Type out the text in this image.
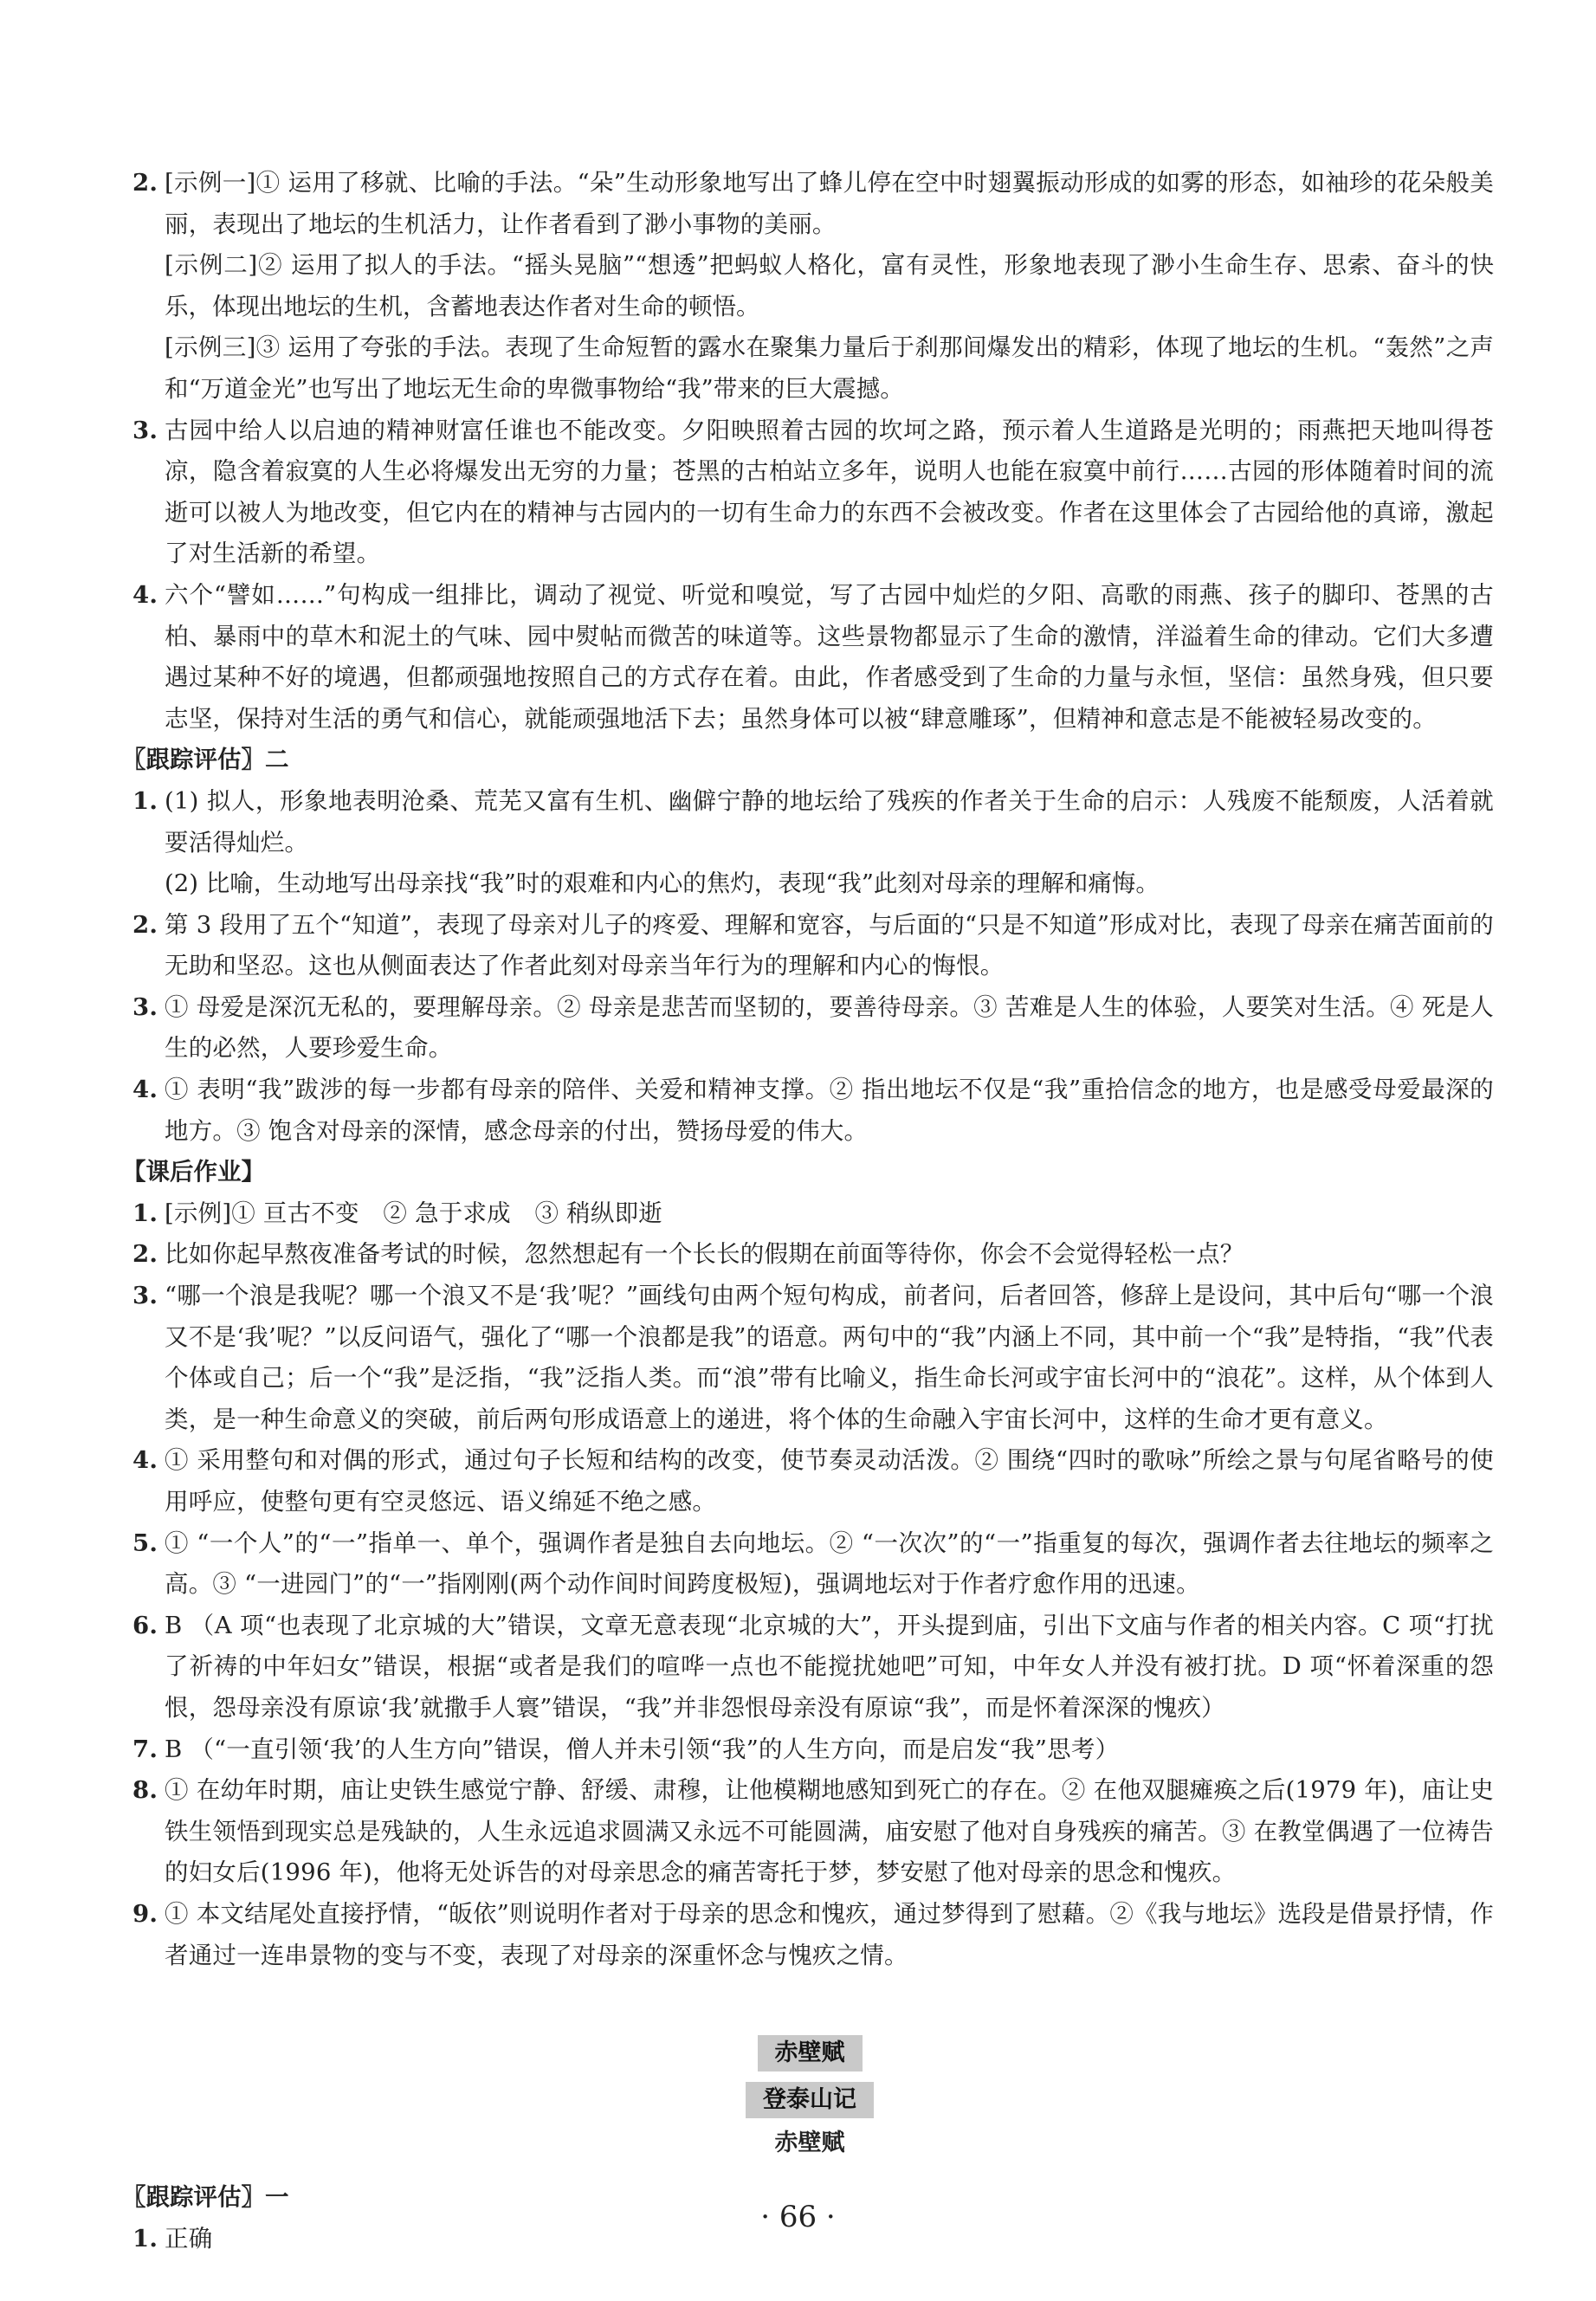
2. [示例一]① 运用了移就、比喻的手法。“朵”生动形象地写出了蜂儿停在空中时翅翼振动形成的如雾的形态，如袖珍的花朵般美丽，表现出了地坛的生机活力，让作者看到了渺小事物的美丽。
[示例二]② 运用了拟人的手法。“摇头晃脑”“想透”把蚂蚁人格化，富有灵性，形象地表现了渺小生命生存、思索、奋斗的快乐，体现出地坛的生机，含蓄地表达作者对生命的顿悟。
[示例三]③ 运用了夸张的手法。表现了生命短暂的露水在聚集力量后于刹那间爆发出的精彩，体现了地坛的生机。“轰然”之声和“万道金光”也写出了地坛无生命的卑微事物给“我”带来的巨大震撼。
3. 古园中给人以启迪的精神财富任谁也不能改变。夕阳映照着古园的坎坷之路，预示着人生道路是光明的；雨燕把天地叫得苍凉，隐含着寂寞的人生必将爆发出无穷的力量；苍黑的古柏站立多年，说明人也能在寂寞中前行……古园的形体随着时间的流逝可以被人为地改变，但它内在的精神与古园内的一切有生命力的东西不会被改变。作者在这里体会了古园给他的真谛，激起了对生活新的希望。
4. 六个“譬如……”句构成一组排比，调动了视觉、听觉和嗅觉，写了古园中灿烂的夕阳、高歌的雨燕、孩子的脚印、苍黑的古柏、暴雨中的草木和泥土的气味、园中熨帖而微苦的味道等。这些景物都显示了生命的激情，洋溢着生命的律动。它们大多遭遇过某种不好的境遇，但都顽强地按照自己的方式存在着。由此，作者感受到了生命的力量与永恒，坚信：虽然身残，但只要志坚，保持对生活的勇气和信心，就能顽强地活下去；虽然身体可以被“肆意雕琢”，但精神和意志是不能被轻易改变的。
〖跟踪评估〗二
1. (1) 拟人，形象地表明沧桑、荒芜又富有生机、幽僻宁静的地坛给了残疾的作者关于生命的启示：人残废不能颓废，人活着就要活得灿烂。
(2) 比喻，生动地写出母亲找“我”时的艰难和内心的焦灼，表现“我”此刻对母亲的理解和痛悔。
2. 第 3 段用了五个“知道”，表现了母亲对儿子的疼爱、理解和宽容，与后面的“只是不知道”形成对比，表现了母亲在痛苦面前的无助和坚忍。这也从侧面表达了作者此刻对母亲当年行为的理解和内心的悔恨。
3. ① 母爱是深沉无私的，要理解母亲。② 母亲是悲苦而坚韧的，要善待母亲。③ 苦难是人生的体验，人要笑对生活。④ 死是人生的必然，人要珍爱生命。
4. ① 表明“我”跋涉的每一步都有母亲的陪伴、关爱和精神支撑。② 指出地坛不仅是“我”重拾信念的地方，也是感受母爱最深的地方。③ 饱含对母亲的深情，感念母亲的付出，赞扬母爱的伟大。
【课后作业】
1. [示例]① 亘古不变　② 急于求成　③ 稍纵即逝
2. 比如你起早熬夜准备考试的时候，忽然想起有一个长长的假期在前面等待你，你会不会觉得轻松一点？
3. “哪一个浪是我呢？哪一个浪又不是‘我’呢？”画线句由两个短句构成，前者问，后者回答，修辞上是设问，其中后句“哪一个浪又不是‘我’呢？”以反问语气，强化了“哪一个浪都是我”的语意。两句中的“我”内涵上不同，其中前一个“我”是特指，“我”代表个体或自己；后一个“我”是泛指，“我”泛指人类。而“浪”带有比喻义，指生命长河或宇宙长河中的“浪花”。这样，从个体到人类，是一种生命意义的突破，前后两句形成语意上的递进，将个体的生命融入宇宙长河中，这样的生命才更有意义。
4. ① 采用整句和对偶的形式，通过句子长短和结构的改变，使节奏灵动活泼。② 围绕“四时的歌咏”所绘之景与句尾省略号的使用呼应，使整句更有空灵悠远、语义绵延不绝之感。
5. ① “一个人”的“一”指单一、单个，强调作者是独自去向地坛。② “一次次”的“一”指重复的每次，强调作者去往地坛的频率之高。③ “一进园门”的“一”指刚刚(两个动作间时间跨度极短)，强调地坛对于作者疗愈作用的迅速。
6. B （A 项“也表现了北京城的大”错误，文章无意表现“北京城的大”，开头提到庙，引出下文庙与作者的相关内容。C 项“打扰了祈祷的中年妇女”错误，根据“或者是我们的喧哗一点也不能搅扰她吧”可知，中年女人并没有被打扰。D 项“怀着深重的怨恨，怨母亲没有原谅‘我’就撒手人寰”错误，“我”并非怨恨母亲没有原谅“我”，而是怀着深深的愧疚）
7. B （“一直引领‘我’的人生方向”错误，僧人并未引领“我”的人生方向，而是启发“我”思考）
8. ① 在幼年时期，庙让史铁生感觉宁静、舒缓、肃穆，让他模糊地感知到死亡的存在。② 在他双腿瘫痪之后(1979 年)，庙让史铁生领悟到现实总是残缺的，人生永远追求圆满又永远不可能圆满，庙安慰了他对自身残疾的痛苦。③ 在教堂偶遇了一位祷告的妇女后(1996 年)，他将无处诉告的对母亲思念的痛苦寄托于梦，梦安慰了他对母亲的思念和愧疚。
9. ① 本文结尾处直接抒情，“皈依”则说明作者对于母亲的思念和愧疚，通过梦得到了慰藉。②《我与地坛》选段是借景抒情，作者通过一连串景物的变与不变，表现了对母亲的深重怀念与愧疚之情。
赤壁赋
登泰山记
赤壁赋
〖跟踪评估〗一
1. 正确
· 66 ·
